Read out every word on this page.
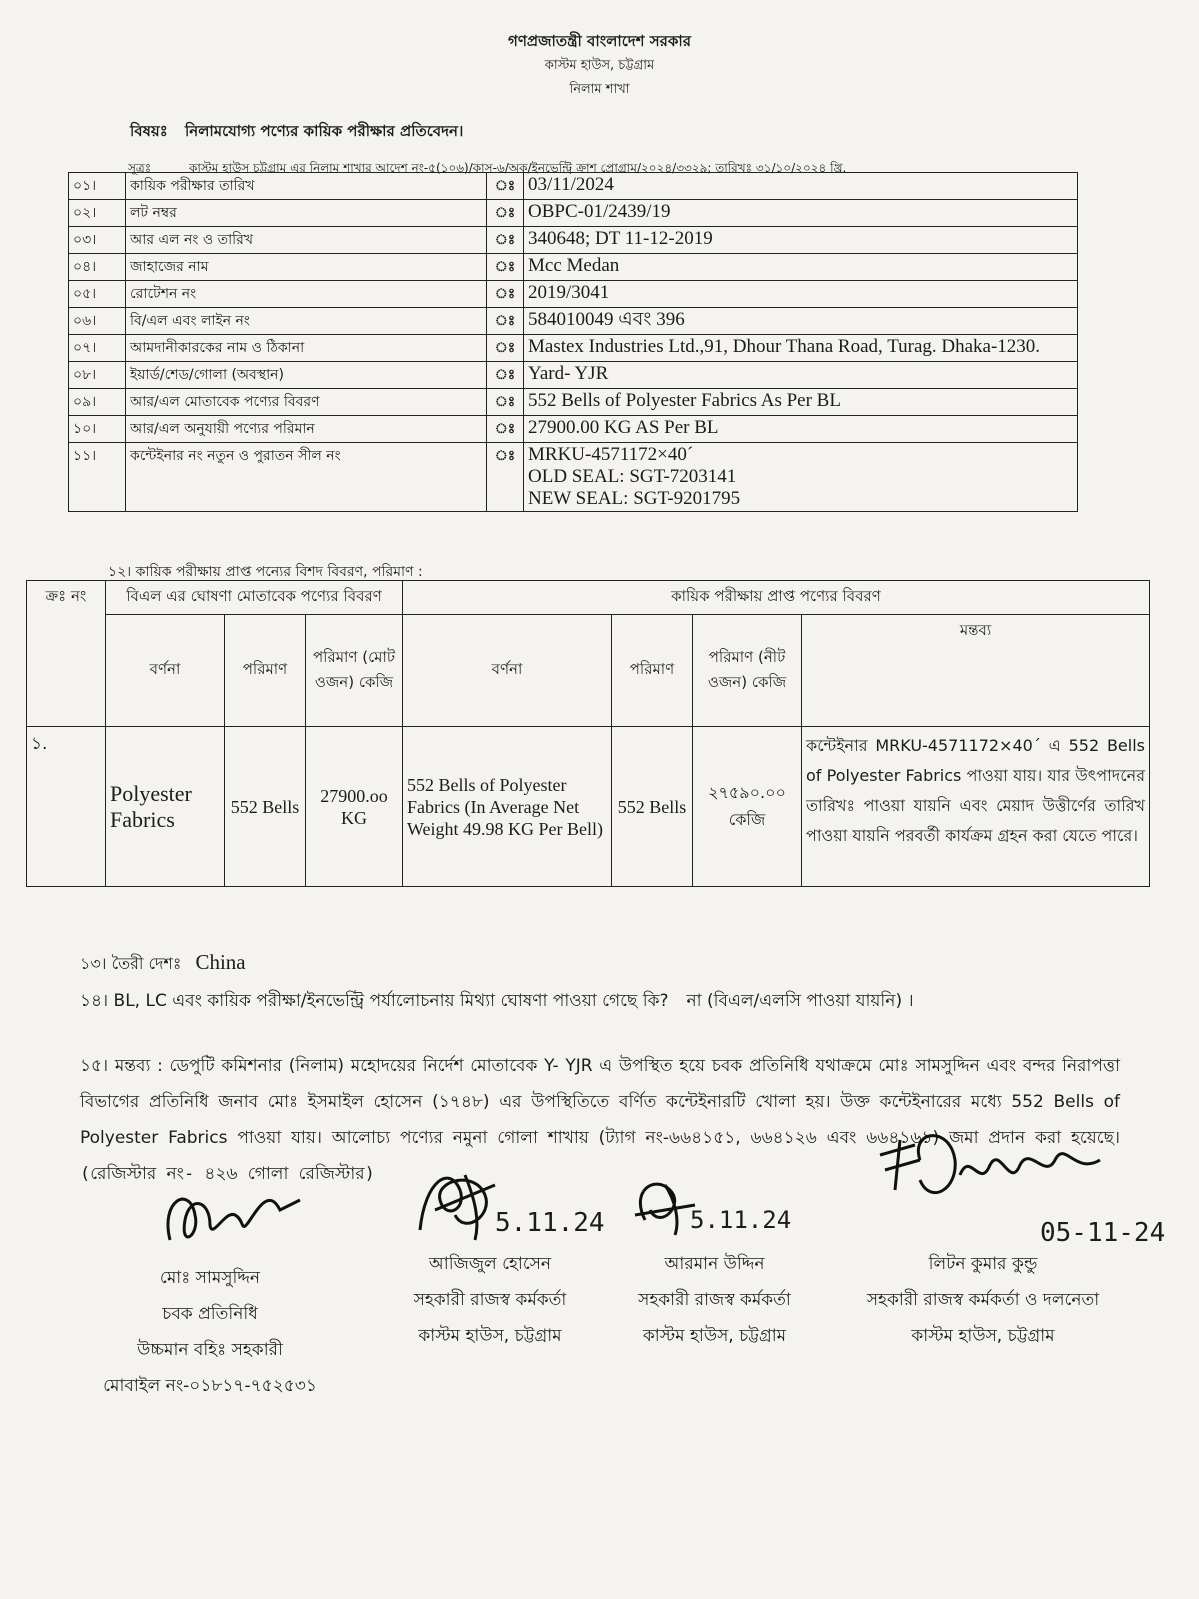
গণপ্রজাতন্ত্রী বাংলাদেশ সরকার
কাস্টম হাউস, চট্টগ্রাম
নিলাম শাখা
বিষয়ঃ নিলামযোগ্য পণ্যের কায়িক পরীক্ষার প্রতিবেদন।
সূত্রঃ	কাস্টম হাউস চট্টগ্রাম এর নিলাম শাখার আদেশ নং-৫(১০৬)/কাস-৬/অক/ইনভেন্ট্রি ক্রাশ প্রোগ্রাম/২০২৪/৩৩২৯; তারিখঃ ৩১/১০/২০২৪ খ্রি.
০১।	কায়িক পরীক্ষার তারিখ	ঃ	03/11/2024
০২।	লট নম্বর	ঃ	OBPC-01/2439/19
০৩।	আর এল নং ও তারিখ	ঃ	340648; DT 11-12-2019
০৪।	জাহাজের নাম	ঃ	Mcc Medan
০৫।	রোটেশন নং	ঃ	2019/3041
০৬।	বি/এল এবং লাইন নং	ঃ	584010049 এবং 396
০৭।	আমদানীকারকের নাম ও ঠিকানা	ঃ	Mastex Industries Ltd.,91, Dhour Thana Road, Turag. Dhaka-1230.
০৮।	ইয়ার্ড/শেড/গোলা (অবস্থান)	ঃ	Yard- YJR
০৯।	আর/এল মোতাবেক পণ্যের বিবরণ	ঃ	552 Bells of Polyester Fabrics As Per BL
১০।	আর/এল অনুযায়ী পণ্যের পরিমান	ঃ	27900.00 KG AS Per BL
১১।	কন্টেইনার নং নতুন ও পুরাতন সীল নং	ঃ	MRKU-4571172×40´
OLD SEAL: SGT-7203141
NEW SEAL: SGT-9201795
১২। কায়িক পরীক্ষায় প্রাপ্ত পন্যের বিশদ বিবরণ, পরিমাণ :
ক্রঃ নং	বিএল এর ঘোষণা মোতাবেক পণ্যের বিবরণ			কায়িক পরীক্ষায় প্রাপ্ত পণ্যের বিবরণ			
	বর্ণনা	পরিমাণ	পরিমাণ (মোট ওজন) কেজি	বর্ণনা	পরিমাণ	পরিমাণ (নীট ওজন) কেজি	মন্তব্য
১.	Polyester Fabrics	552 Bells	27900.oo KG	552 Bells of Polyester Fabrics (In Average Net Weight 49.98 KG Per Bell)	552 Bells	২৭৫৯০.০০ কেজি	কন্টেইনার MRKU-4571172×40´ এ 552 Bells of Polyester Fabrics পাওয়া যায়। যার উৎপাদনের তারিখঃ পাওয়া যায়নি এবং মেয়াদ উত্তীর্ণের তারিখ পাওয়া যায়নি পরবর্তী কার্যক্রম গ্রহন করা যেতে পারে।
১৩। তৈরী দেশঃ China
১৪। BL, LC এবং কায়িক পরীক্ষা/ইনভেন্ট্রি পর্যালোচনায় মিথ্যা ঘোষণা পাওয়া গেছে কি? না (বিএল/এলসি পাওয়া যায়নি) ।
১৫। মন্তব্য : ডেপুটি কমিশনার (নিলাম) মহোদয়ের নির্দেশ মোতাবেক Y- YJR এ উপস্থিত হয়ে চবক প্রতিনিধি যথাক্রমে মোঃ সামসুদ্দিন এবং বন্দর নিরাপত্তা বিভাগের প্রতিনিধি জনাব মোঃ ইসমাইল হোসেন (১৭৪৮) এর উপস্থিতিতে বর্ণিত কন্টেইনারটি খোলা হয়। উক্ত কন্টেইনারের মধ্যে 552 Bells of Polyester Fabrics পাওয়া যায়। আলোচ্য পণ্যের নমুনা গোলা শাখায় (ট্যাগ নং-৬৬৪১৫১, ৬৬৪১২৬ এবং ৬৬৪১৬১) জমা প্রদান করা হয়েছে। (রেজিস্টার নং- ৪২৬ গোলা রেজিস্টার)
5.11.24	5.11.24	05-11-24
মোঃ সামসুদ্দিন
চবক প্রতিনিধি
উচ্চমান বহিঃ সহকারী
মোবাইল নং-০১৮১৭-৭৫২৫৩১
আজিজুল হোসেন
সহকারী রাজস্ব কর্মকর্তা
কাস্টম হাউস, চট্টগ্রাম
আরমান উদ্দিন
সহকারী রাজস্ব কর্মকর্তা
কাস্টম হাউস, চট্টগ্রাম
লিটন কুমার কুন্ডু
সহকারী রাজস্ব কর্মকর্তা ও দলনেতা
কাস্টম হাউস, চট্টগ্রাম
